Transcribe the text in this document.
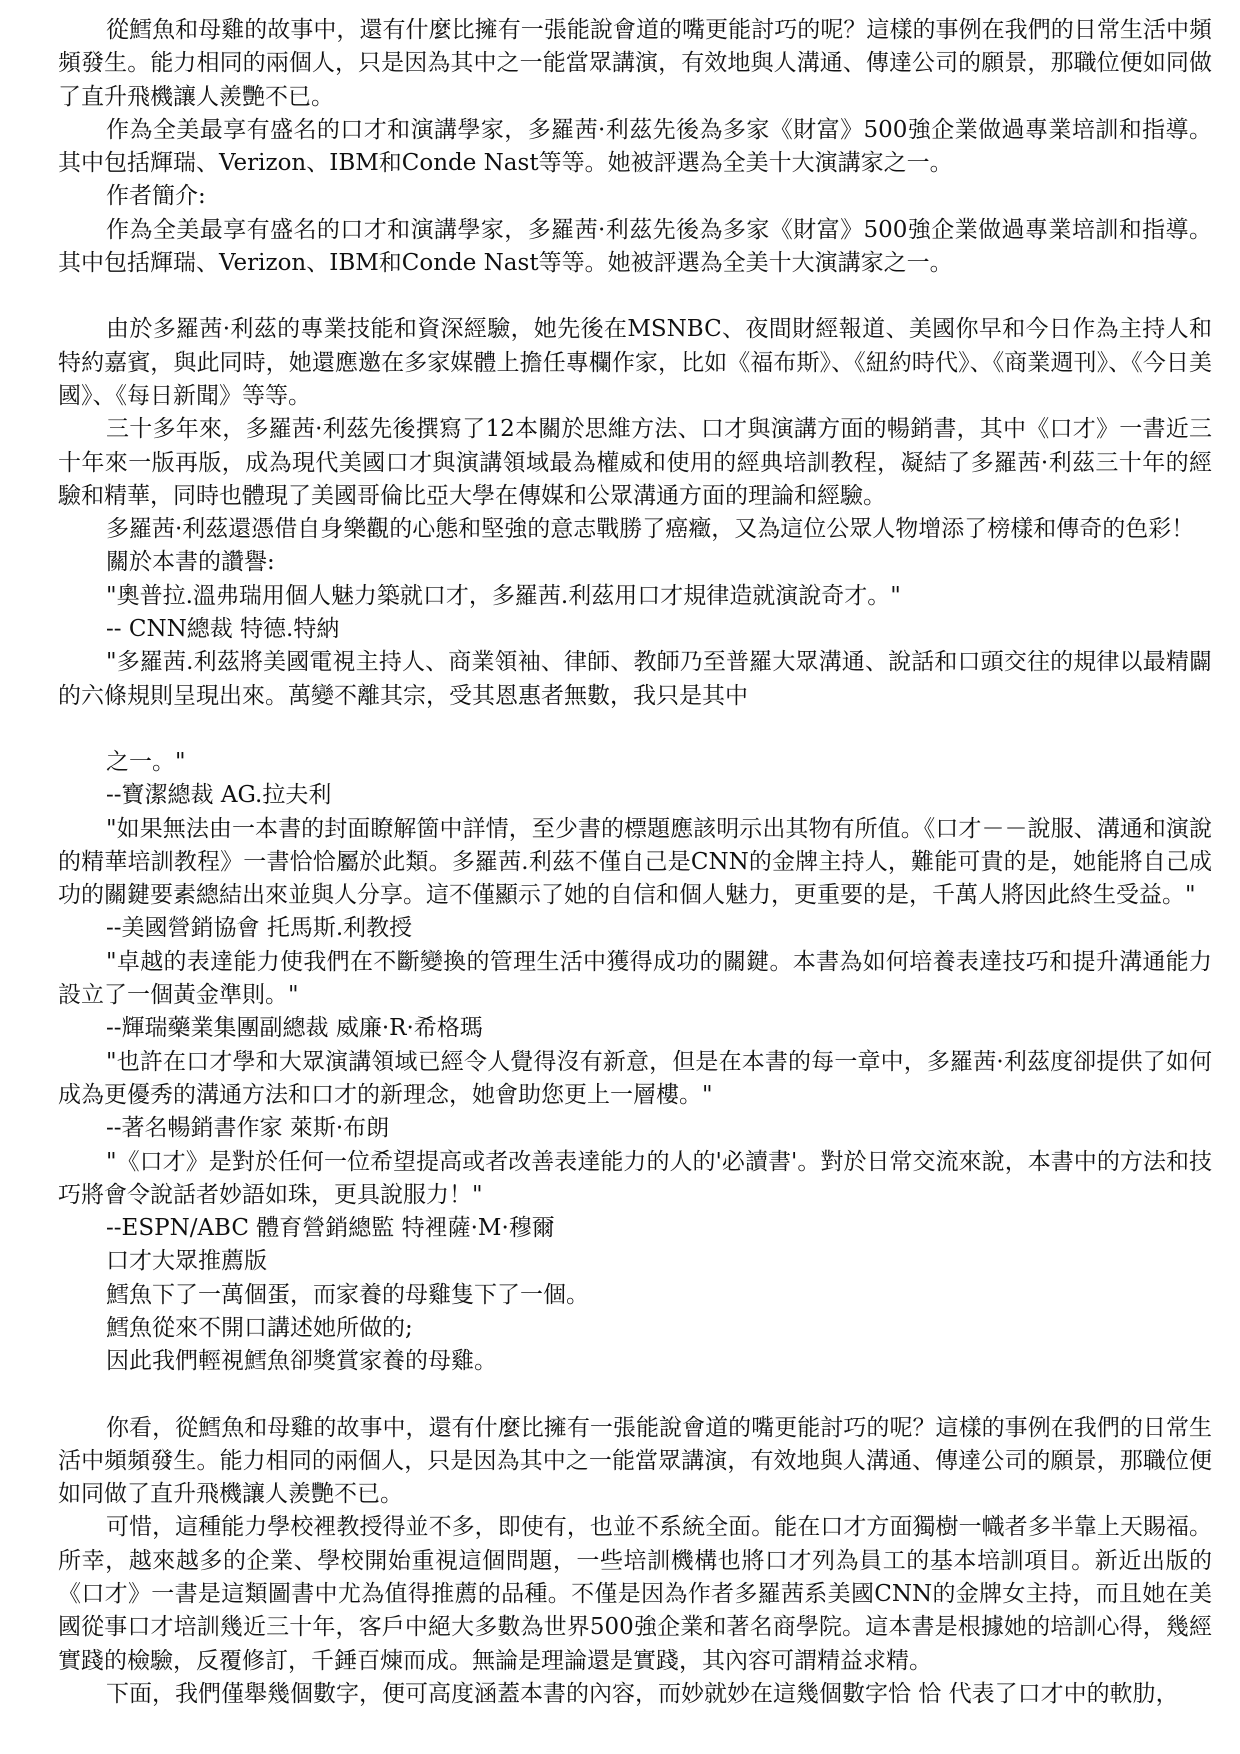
從鱈魚和母雞的故事中，還有什麼比擁有一張能說會道的嘴更能討巧的呢？這樣的事例在我們的日常生活中頻頻發生。能力相同的兩個人，只是因為其中之一能當眾講演，有效地與人溝通、傳達公司的願景，那職位便如同做了直升飛機讓人羨艷不已。

作為全美最享有盛名的口才和演講學家，多羅茜·利茲先後為多家《財富》500強企業做過專業培訓和指導。其中包括輝瑞、Verizon、IBM和Conde Nast等等。她被評選為全美十大演講家之一。

作者簡介:

作為全美最享有盛名的口才和演講學家，多羅茜·利茲先後為多家《財富》500強企業做過專業培訓和指導。其中包括輝瑞、Verizon、IBM和Conde Nast等等。她被評選為全美十大演講家之一。

由於多羅茜·利茲的專業技能和資深經驗，她先後在MSNBC、夜間財經報道、美國你早和今日作為主持人和特約嘉賓，與此同時，她還應邀在多家媒體上擔任專欄作家，比如《福布斯》、《紐約時代》、《商業週刊》、《今日美國》、《每日新聞》等等。

三十多年來，多羅茜·利茲先後撰寫了12本關於思維方法、口才與演講方面的暢銷書，其中《口才》一書近三十年來一版再版，成為現代美國口才與演講領域最為權威和使用的經典培訓教程，凝結了多羅茜·利茲三十年的經驗和精華，同時也體現了美國哥倫比亞大學在傳媒和公眾溝通方面的理論和經驗。

多羅茜·利茲還憑借自身樂觀的心態和堅強的意志戰勝了癌癥，又為這位公眾人物增添了榜樣和傳奇的色彩！

關於本書的讚譽:

"奧普拉.溫弗瑞用個人魅力築就口才，多羅茜.利茲用口才規律造就演說奇才。"

-- CNN總裁 特德.特納

"多羅茜.利茲將美國電視主持人、商業領袖、律師、教師乃至普羅大眾溝通、說話和口頭交往的規律以最精闢的六條規則呈現出來。萬變不離其宗，受其恩惠者無數，我只是其中

之一。"

--寶潔總裁 AG.拉夫利

"如果無法由一本書的封面瞭解箇中詳情，至少書的標題應該明示出其物有所值。《口才－－說服、溝通和演說的精華培訓教程》一書恰恰屬於此類。多羅茜.利茲不僅自己是CNN的金牌主持人，難能可貴的是，她能將自己成功的關鍵要素總結出來並與人分享。這不僅顯示了她的自信和個人魅力，更重要的是，千萬人將因此終生受益。"

--美國營銷協會 托馬斯.利教授

"卓越的表達能力使我們在不斷變換的管理生活中獲得成功的關鍵。本書為如何培養表達技巧和提升溝通能力設立了一個黃金準則。"

--輝瑞藥業集團副總裁 威廉·R·希格瑪

"也許在口才學和大眾演講領域已經令人覺得沒有新意，但是在本書的每一章中，多羅茜·利茲度卻提供了如何成為更優秀的溝通方法和口才的新理念，她會助您更上一層樓。"

--著名暢銷書作家 萊斯·布朗

"《口才》是對於任何一位希望提高或者改善表達能力的人的'必讀書'。對於日常交流來說，本書中的方法和技巧將會令說話者妙語如珠，更具說服力！"

--ESPN/ABC 體育營銷總監 特裡薩·M·穆爾

口才大眾推薦版

鱈魚下了一萬個蛋，而家養的母雞隻下了一個。

鱈魚從來不開口講述她所做的;

因此我們輕視鱈魚卻獎賞家養的母雞。

你看，從鱈魚和母雞的故事中，還有什麼比擁有一張能說會道的嘴更能討巧的呢？這樣的事例在我們的日常生活中頻頻發生。能力相同的兩個人，只是因為其中之一能當眾講演，有效地與人溝通、傳達公司的願景，那職位便如同做了直升飛機讓人羨艷不已。

可惜，這種能力學校裡教授得並不多，即使有，也並不系統全面。能在口才方面獨樹一幟者多半靠上天賜福。所幸，越來越多的企業、學校開始重視這個問題，一些培訓機構也將口才列為員工的基本培訓項目。新近出版的《口才》一書是這類圖書中尤為值得推薦的品種。不僅是因為作者多羅茜系美國CNN的金牌女主持，而且她在美國從事口才培訓幾近三十年，客戶中絕大多數為世界500強企業和著名商學院。這本書是根據她的培訓心得，幾經實踐的檢驗，反覆修訂，千錘百煉而成。無論是理論還是實踐，其內容可謂精益求精。

下面，我們僅舉幾個數字，便可高度涵蓋本書的內容，而妙就妙在這幾個數字恰 恰 代表了口才中的軟肋，
